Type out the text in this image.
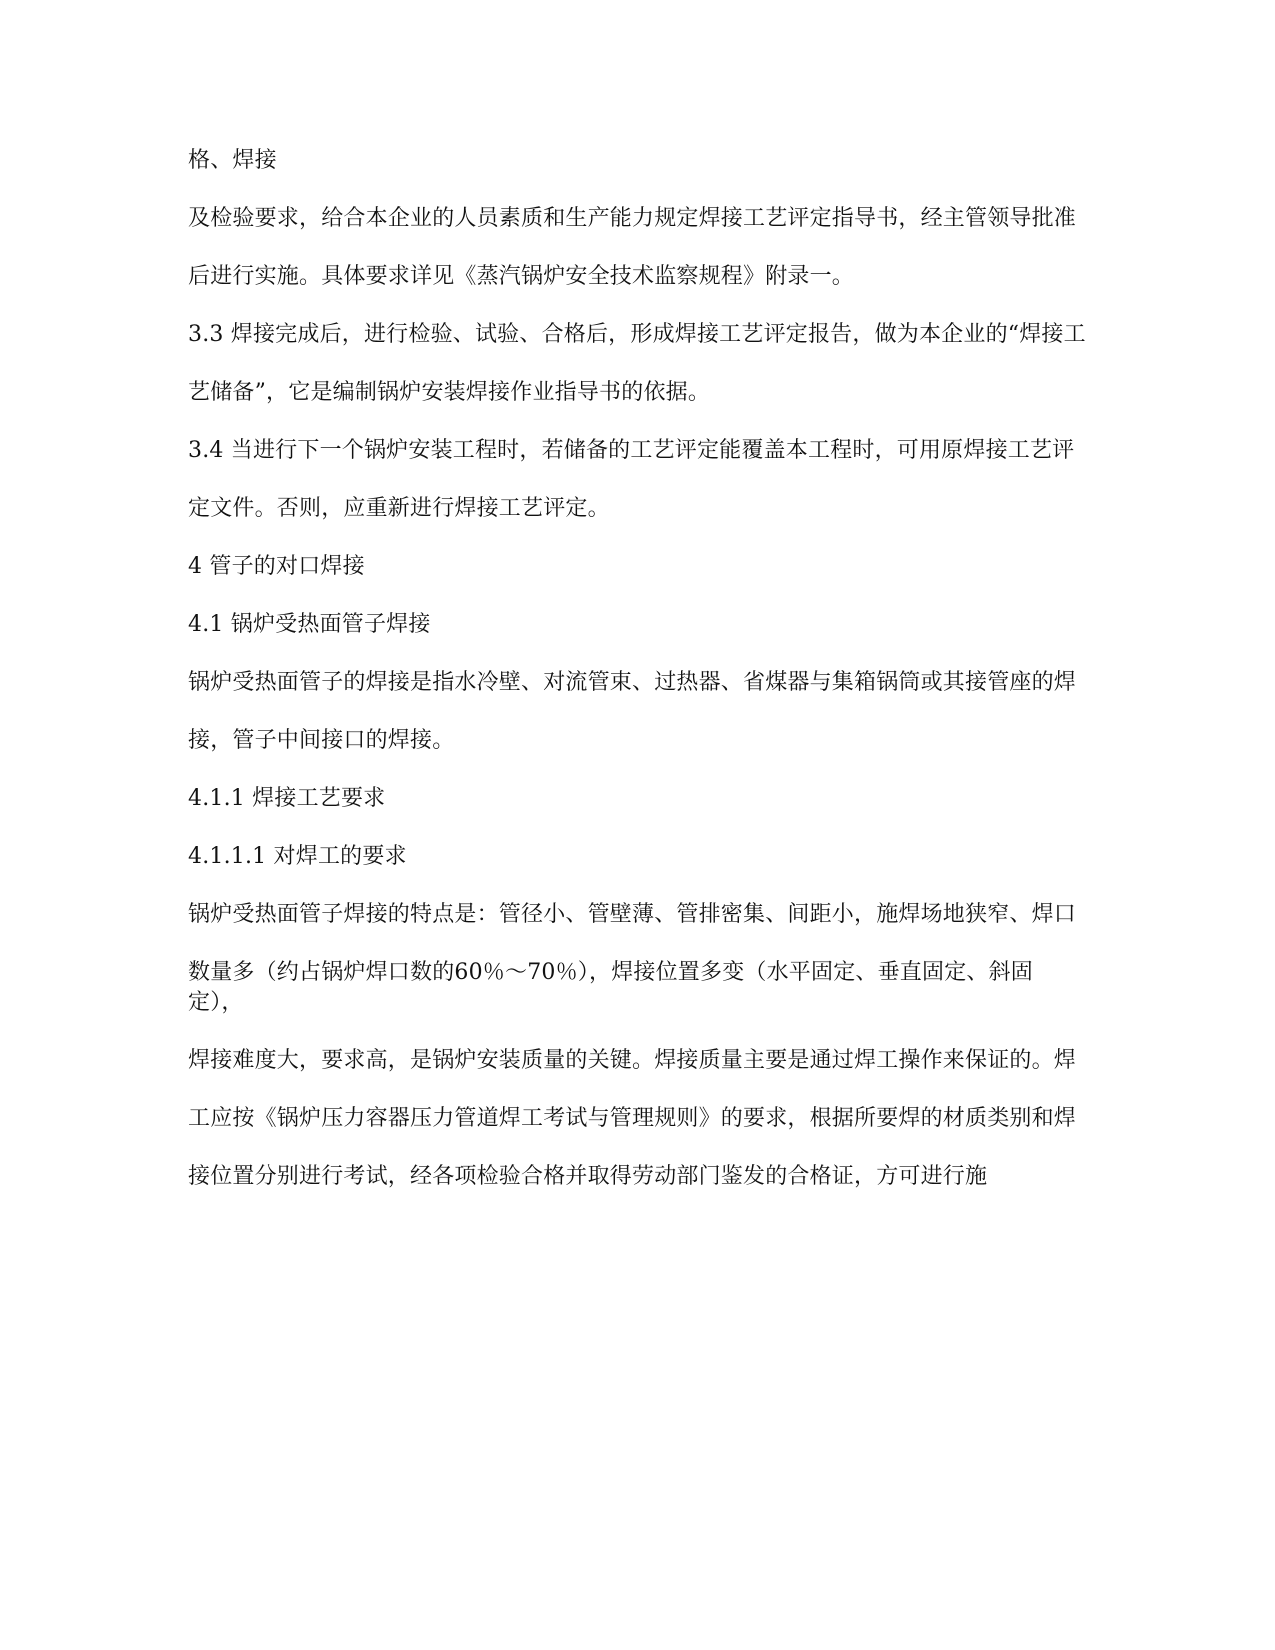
格、焊接

及检验要求，给合本企业的人员素质和生产能力规定焊接工艺评定指导书，经主管领导批准

后进行实施。具体要求详见《蒸汽锅炉安全技术监察规程》附录一。

3.3 焊接完成后，进行检验、试验、合格后，形成焊接工艺评定报告，做为本企业的“焊接工

艺储备”，它是编制锅炉安装焊接作业指导书的依据。

3.4 当进行下一个锅炉安装工程时，若储备的工艺评定能覆盖本工程时，可用原焊接工艺评

定文件。否则，应重新进行焊接工艺评定。

4 管子的对口焊接

4.1 锅炉受热面管子焊接

锅炉受热面管子的焊接是指水冷壁、对流管束、过热器、省煤器与集箱锅筒或其接管座的焊

接，管子中间接口的焊接。

4.1.1 焊接工艺要求

4.1.1.1 对焊工的要求

锅炉受热面管子焊接的特点是：管径小、管壁薄、管排密集、间距小，施焊场地狭窄、焊口

数量多（约占锅炉焊口数的60％～70％），焊接位置多变（水平固定、垂直固定、斜固定），

焊接难度大，要求高，是锅炉安装质量的关键。焊接质量主要是通过焊工操作来保证的。焊

工应按《锅炉压力容器压力管道焊工考试与管理规则》的要求，根据所要焊的材质类别和焊

接位置分别进行考试，经各项检验合格并取得劳动部门鉴发的合格证，方可进行施
